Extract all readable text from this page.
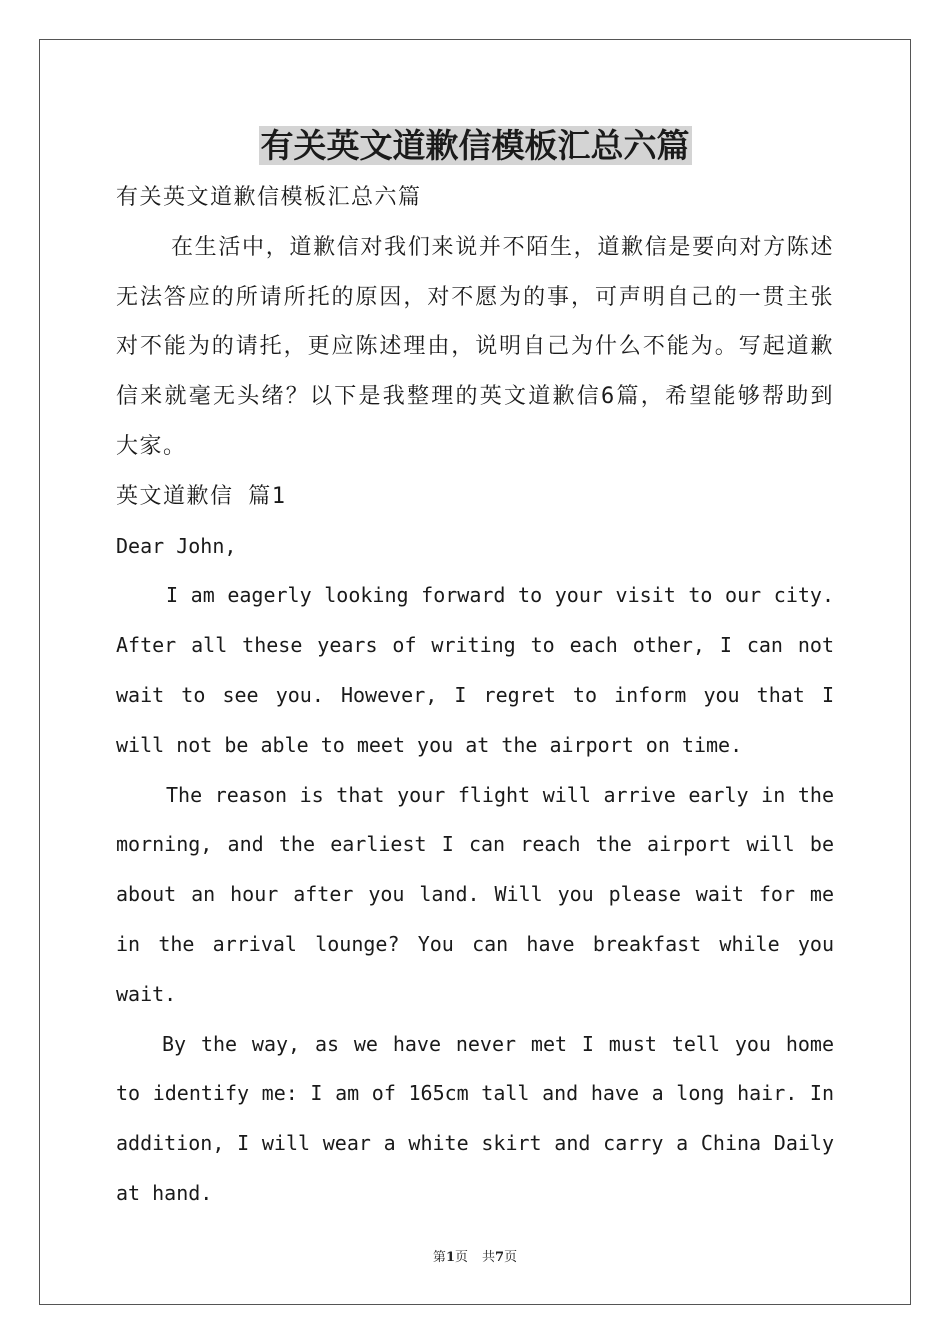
有关英文道歉信模板汇总六篇

有关英文道歉信模板汇总六篇

在生活中，道歉信对我们来说并不陌生，道歉信是要向对方陈述无法答应的所请所托的原因，对不愿为的事，可声明自己的一贯主张对不能为的请托，更应陈述理由，说明自己为什么不能为。写起道歉信来就毫无头绪？以下是我整理的英文道歉信6篇，希望能够帮助到大家。

英文道歉信 篇1

Dear John,

I am eagerly looking forward to your visit to our city. After all these years of writing to each other, I can not wait to see you. However, I regret to inform you that I will not be able to meet you at the airport on time.

The reason is that your flight will arrive early in the morning, and the earliest I can reach the airport will be about an hour after you land. Will you please wait for me in the arrival lounge? You can have breakfast while you wait.

By the way, as we have never met I must tell you home to identify me: I am of 165cm tall and have a long hair. In addition, I will wear a white skirt and carry a China Daily at hand.

第1页 共7页
